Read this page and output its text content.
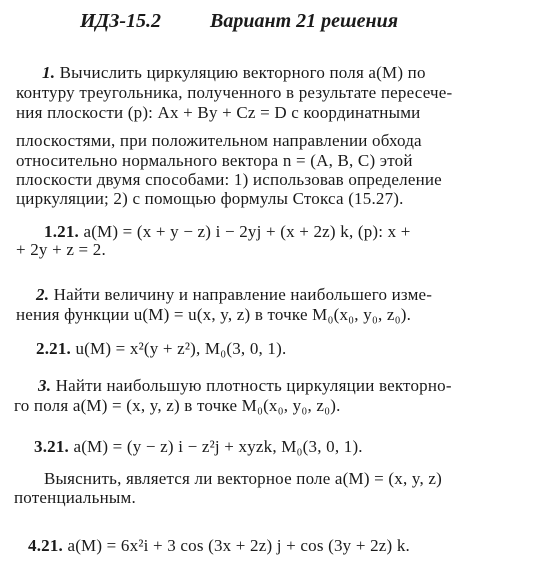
ИДЗ-15.2 Вариант 21 решения
1. Вычислить циркуляцию векторного поля a(M) по
контуру треугольника, полученного в результате пересече-
ния плоскости (p): Ax + By + Cz = D с координатными
плоскостями, при положительном направлении обхода
относительно нормального вектора n = (A, B, C) этой
плоскости двумя способами: 1) использовав определение
циркуляции; 2) с помощью формулы Стокса (15.27).
1.21. a(M) = (x + y − z) i − 2yj + (x + 2z) k, (p): x +
+ 2y + z = 2.
2. Найти величину и направление наибольшего изме-
нения функции u(M) = u(x, y, z) в точке M₀(x₀, y₀, z₀).
2.21. u(M) = x²(y + z²), M₀(3, 0, 1).
3. Найти наибольшую плотность циркуляции векторно-
го поля a(M) = (x, y, z) в точке M₀(x₀, y₀, z₀).
3.21. a(M) = (y − z) i − z²j + xyzk, M₀(3, 0, 1).
Выяснить, является ли векторное поле a(M) = (x, y, z)
потенциальным.
4.21. a(M) = 6x²i + 3 cos (3x + 2z) j + cos (3y + 2z) k.
